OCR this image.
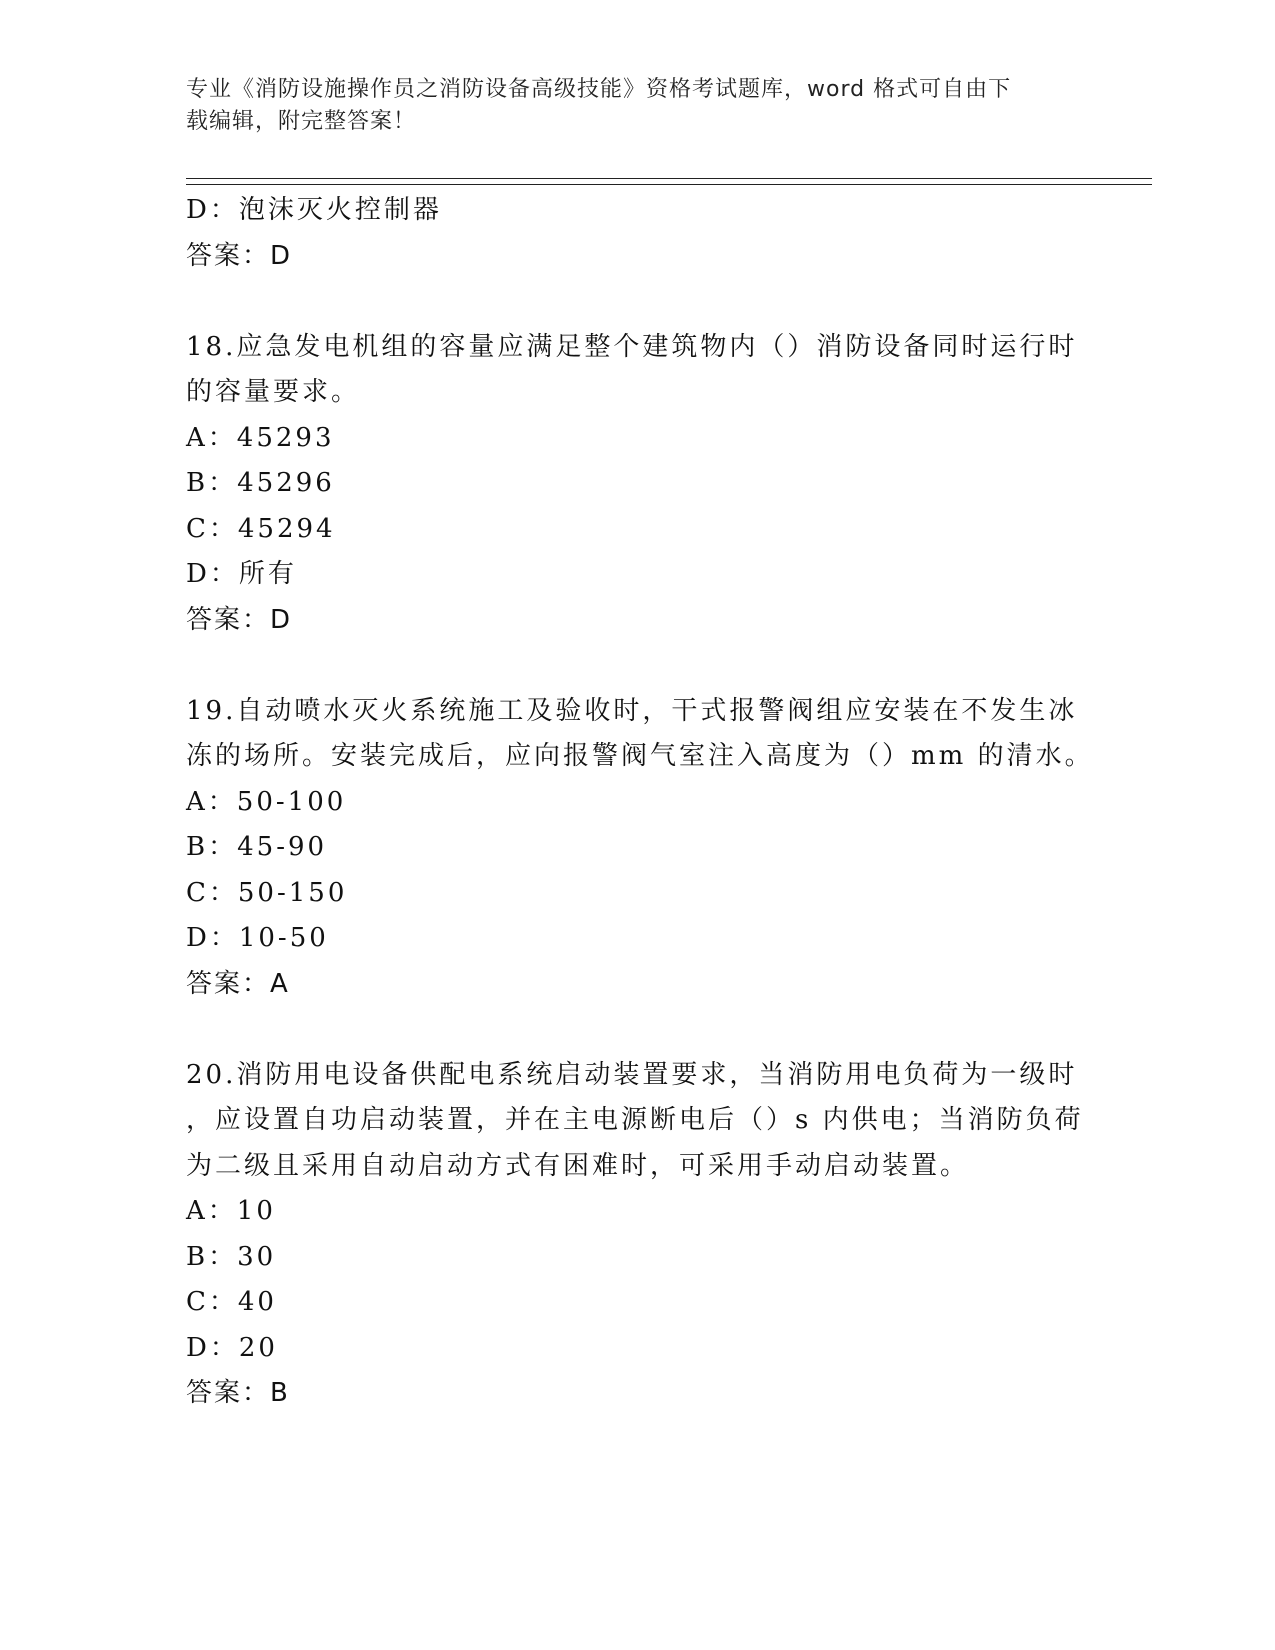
专业《消防设施操作员之消防设备高级技能》资格考试题库，word 格式可自由下
载编辑，附完整答案！

D：泡沫灭火控制器

答案：D

18.应急发电机组的容量应满足整个建筑物内（）消防设备同时运行时

的容量要求。

A：45293

B：45296

C：45294

D：所有

答案：D

19.自动喷水灭火系统施工及验收时，干式报警阀组应安装在不发生冰

冻的场所。安装完成后，应向报警阀气室注入高度为（）mm 的清水。

A：50-100

B：45-90

C：50-150

D：10-50

答案：A

20.消防用电设备供配电系统启动装置要求，当消防用电负荷为一级时

，应设置自功启动装置，并在主电源断电后（）s 内供电；当消防负荷

为二级且采用自动启动方式有困难时，可采用手动启动装置。

A：10

B：30

C：40

D：20

答案：B
